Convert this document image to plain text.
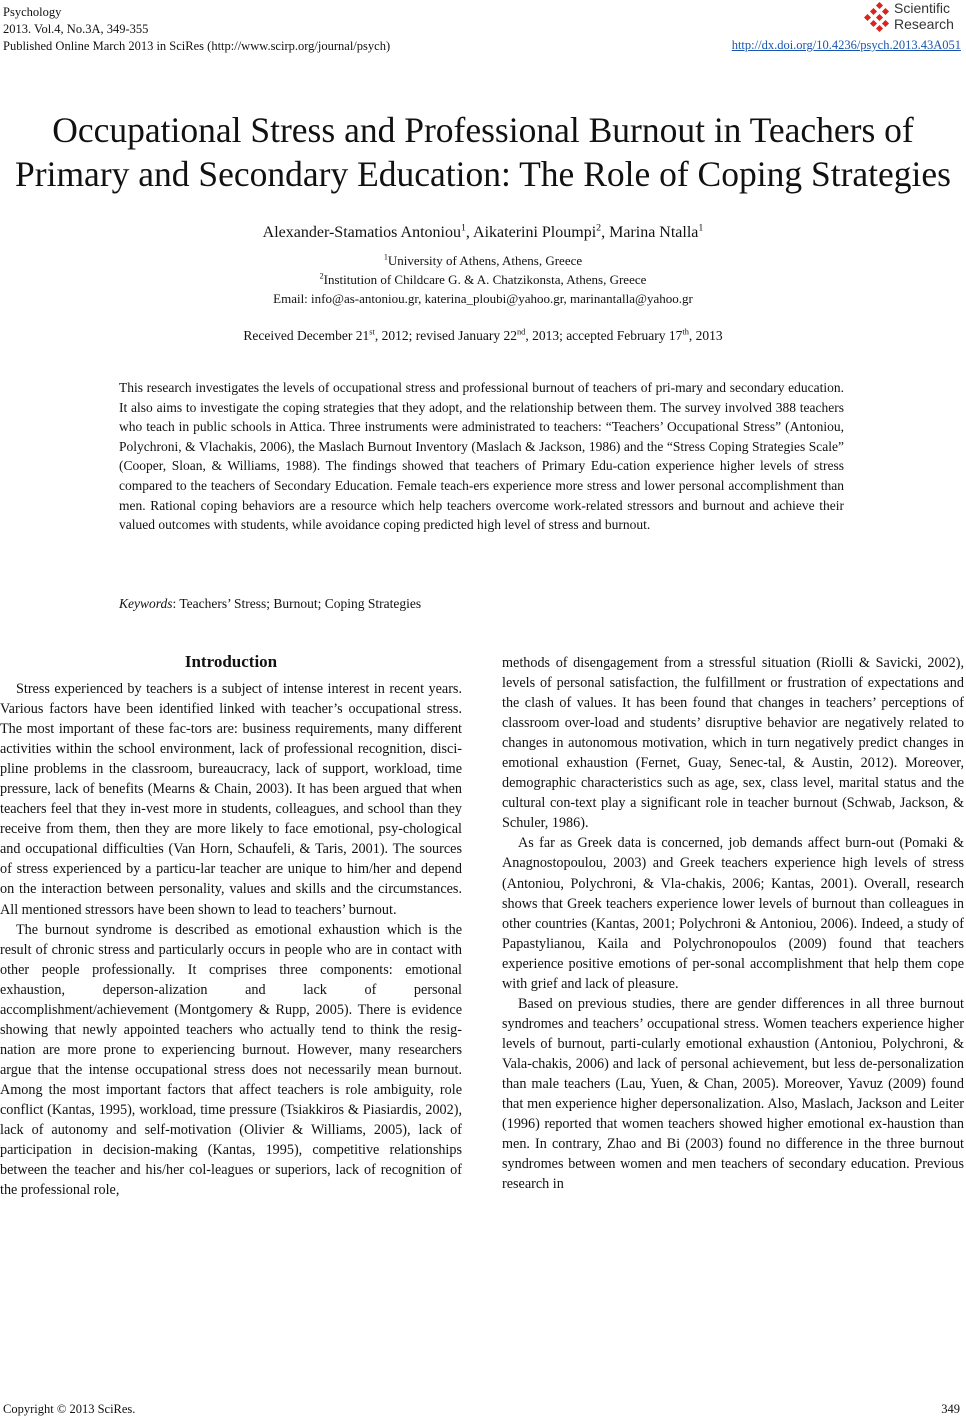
Psychology
2013. Vol.4, No.3A, 349-355
Published Online March 2013 in SciRes (http://www.scirp.org/journal/psych)
Scientific
Research
http://dx.doi.org/10.4236/psych.2013.43A051
Occupational Stress and Professional Burnout in Teachers of
Primary and Secondary Education: The Role of Coping Strategies
Alexander-Stamatios Antoniou$^1$, Aikaterini Ploumpi$^2$, Marina Ntalla$^1$
$^1$University of Athens, Athens, Greece
$^2$Institution of Childcare G. & A. Chatzikonsta, Athens, Greece
Email: info@as-antoniou.gr, katerina_ploubi@yahoo.gr, marinantalla@yahoo.gr
Received December 21st, 2012; revised January 22nd, 2013; accepted February 17th, 2013
This research investigates the levels of occupational stress and professional burnout of teachers of pri-mary and secondary education. It also aims to investigate the coping strategies that they adopt, and the relationship between them. The survey involved 388 teachers who teach in public schools in Attica. Three instruments were administrated to teachers: “Teachers’ Occupational Stress” (Antoniou, Polychroni, & Vlachakis, 2006), the Maslach Burnout Inventory (Maslach & Jackson, 1986) and the “Stress Coping Strategies Scale” (Cooper, Sloan, & Williams, 1988). The findings showed that teachers of Primary Edu-cation experience higher levels of stress compared to the teachers of Secondary Education. Female teach-ers experience more stress and lower personal accomplishment than men. Rational coping behaviors are a resource which help teachers overcome work-related stressors and burnout and achieve their valued outcomes with students, while avoidance coping predicted high level of stress and burnout.
Keywords: Teachers’ Stress; Burnout; Coping Strategies
Introduction

Stress experienced by teachers is a subject of intense interest in recent years. Various factors have been identified linked with teacher’s occupational stress. The most important of these fac-tors are: business requirements, many different activities within the school environment, lack of professional recognition, disci-pline problems in the classroom, bureaucracy, lack of support, workload, time pressure, lack of benefits (Mearns & Chain, 2003). It has been argued that when teachers feel that they in-vest more in students, colleagues, and school than they receive from them, then they are more likely to face emotional, psy-chological and occupational difficulties (Van Horn, Schaufeli, & Taris, 2001). The sources of stress experienced by a particu-lar teacher are unique to him/her and depend on the interaction between personality, values and skills and the circumstances. All mentioned stressors have been shown to lead to teachers’ burnout.

The burnout syndrome is described as emotional exhaustion which is the result of chronic stress and particularly occurs in people who are in contact with other people professionally. It comprises three components: emotional exhaustion, deperson-alization and lack of personal accomplishment/achievement (Montgomery & Rupp, 2005). There is evidence showing that newly appointed teachers who actually tend to think the resig-nation are more prone to experiencing burnout. However, many researchers argue that the intense occupational stress does not necessarily mean burnout. Among the most important factors that affect teachers is role ambiguity, role conflict (Kantas, 1995), workload, time pressure (Tsiakkiros & Piasiardis, 2002), lack of autonomy and self-motivation (Olivier & Williams, 2005), lack of participation in decision-making (Kantas, 1995), competitive relationships between the teacher and his/her col-leagues or superiors, lack of recognition of the professional role,

methods of disengagement from a stressful situation (Riolli & Savicki, 2002), levels of personal satisfaction, the fulfillment or frustration of expectations and the clash of values. It has been found that changes in teachers’ perceptions of classroom over-load and students’ disruptive behavior are negatively related to changes in autonomous motivation, which in turn negatively predict changes in emotional exhaustion (Fernet, Guay, Senec-tal, & Austin, 2012). Moreover, demographic characteristics such as age, sex, class level, marital status and the cultural con-text play a significant role in teacher burnout (Schwab, Jackson, & Schuler, 1986).

As far as Greek data is concerned, job demands affect burn-out (Pomaki & Anagnostopoulou, 2003) and Greek teachers experience high levels of stress (Antoniou, Polychroni, & Vla-chakis, 2006; Kantas, 2001). Overall, research shows that Greek teachers experience lower levels of burnout than colleagues in other countries (Kantas, 2001; Polychroni & Antoniou, 2006). Indeed, a study of Papastylianou, Kaila and Polychronopoulos (2009) found that teachers experience positive emotions of per-sonal accomplishment that help them cope with grief and lack of pleasure.

Based on previous studies, there are gender differences in all three burnout syndromes and teachers’ occupational stress. Women teachers experience higher levels of burnout, parti-cularly emotional exhaustion (Antoniou, Polychroni, & Vala-chakis, 2006) and lack of personal achievement, but less de-personalization than male teachers (Lau, Yuen, & Chan, 2005). Moreover, Yavuz (2009) found that men experience higher depersonalization. Also, Maslach, Jackson and Leiter (1996) reported that women teachers showed higher emotional ex-haustion than men. In contrary, Zhao and Bi (2003) found no difference in the three burnout syndromes between women and men teachers of secondary education. Previous research in

Copyright © 2013 SciRes.	349
